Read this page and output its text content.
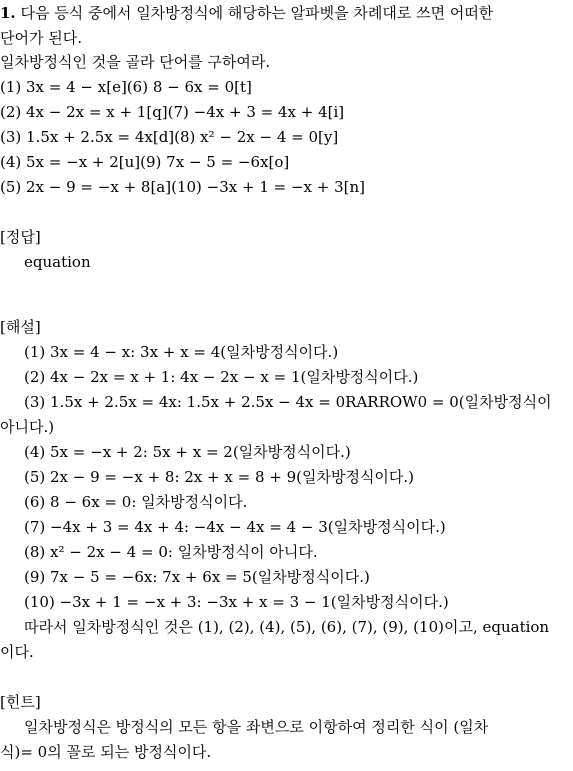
1. 다음 등식 중에서 일차방정식에 해당하는 알파벳을 차례대로 쓰면 어떠한
단어가 된다.
일차방정식인 것을 골라 단어를 구하여라.
(1) 3x = 4 − x[e](6) 8 − 6x = 0[t]
(2) 4x − 2x = x + 1[q](7) −4x + 3 = 4x + 4[i]
(3) 1.5x + 2.5x = 4x[d](8) x² − 2x − 4 = 0[y]
(4) 5x = −x + 2[u](9) 7x − 5 = −6x[o]
(5) 2x − 9 = −x + 8[a](10) −3x + 1 = −x + 3[n]
[정답]
equation
[해설]
(1) 3x = 4 − x: 3x + x = 4(일차방정식이다.)
(2) 4x − 2x = x + 1: 4x − 2x − x = 1(일차방정식이다.)
(3) 1.5x + 2.5x = 4x: 1.5x + 2.5x − 4x = 0RARROW0 = 0(일차방정식이
아니다.)
(4) 5x = −x + 2: 5x + x = 2(일차방정식이다.)
(5) 2x − 9 = −x + 8: 2x + x = 8 + 9(일차방정식이다.)
(6) 8 − 6x = 0: 일차방정식이다.
(7) −4x + 3 = 4x + 4: −4x − 4x = 4 − 3(일차방정식이다.)
(8) x² − 2x − 4 = 0: 일차방정식이 아니다.
(9) 7x − 5 = −6x: 7x + 6x = 5(일차방정식이다.)
(10) −3x + 1 = −x + 3: −3x + x = 3 − 1(일차방정식이다.)
따라서 일차방정식인 것은 (1), (2), (4), (5), (6), (7), (9), (10)이고, equation
이다.
[힌트]
일차방정식은 방정식의 모든 항을 좌변으로 이항하여 정리한 식이 (일차
식)= 0의 꼴로 되는 방정식이다.
